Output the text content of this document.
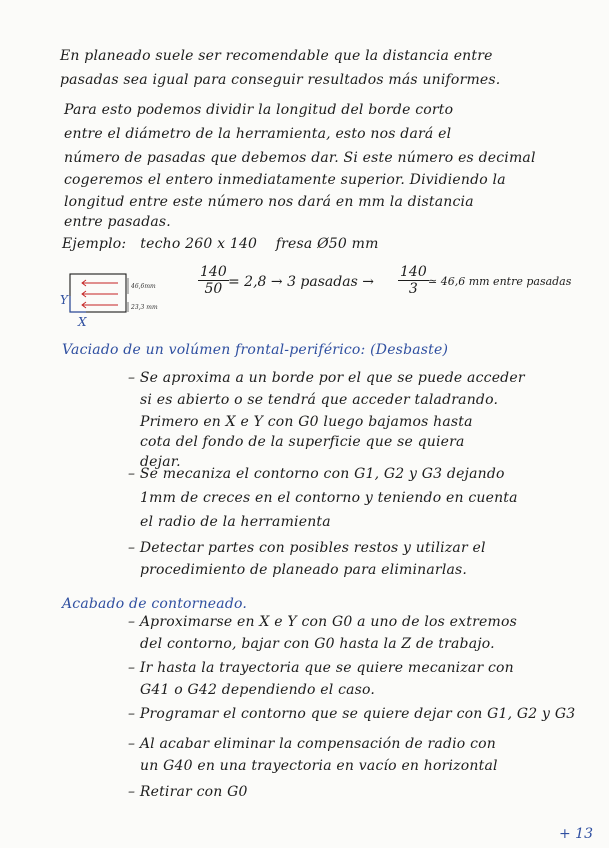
En planeado suele ser recomendable que la distancia entre
pasadas sea igual para conseguir resultados más uniformes.
Para esto podemos dividir la longitud del borde corto
entre el diámetro de la herramienta, esto nos dará el
número de pasadas que debemos dar. Si este número es decimal
cogeremos el entero inmediatamente superior. Dividiendo la
longitud entre este número nos dará en mm la distancia
entre pasadas.
Ejemplo: techo 260 x 140 fresa Ø50 mm
46,6mm
23,3 mm
Y
X
$\frac{140}{50} = 2,8 \to 3$ pasadas → $\frac{140}{3}$ ≃ 46,6 mm entre pasadas
Vaciado de un volúmen frontal-periférico: (Desbaste)
– Se aproxima a un borde por el que se puede acceder
si es abierto o se tendrá que acceder taladrando.
Primero en X e Y con G0 luego bajamos hasta
cota del fondo de la superficie que se quiera
dejar.
– Se mecaniza el contorno con G1, G2 y G3 dejando
1mm de creces en el contorno y teniendo en cuenta
el radio de la herramienta
– Detectar partes con posibles restos y utilizar el
procedimiento de planeado para eliminarlas.
Acabado de contorneado.
– Aproximarse en X e Y con G0 a uno de los extremos
del contorno, bajar con G0 hasta la Z de trabajo.
– Ir hasta la trayectoria que se quiere mecanizar con
G41 o G42 dependiendo el caso.
– Programar el contorno que se quiere dejar con G1, G2 y G3
– Al acabar eliminar la compensación de radio con
un G40 en una trayectoria en vacío en horizontal
– Retirar con G0
+ 13
